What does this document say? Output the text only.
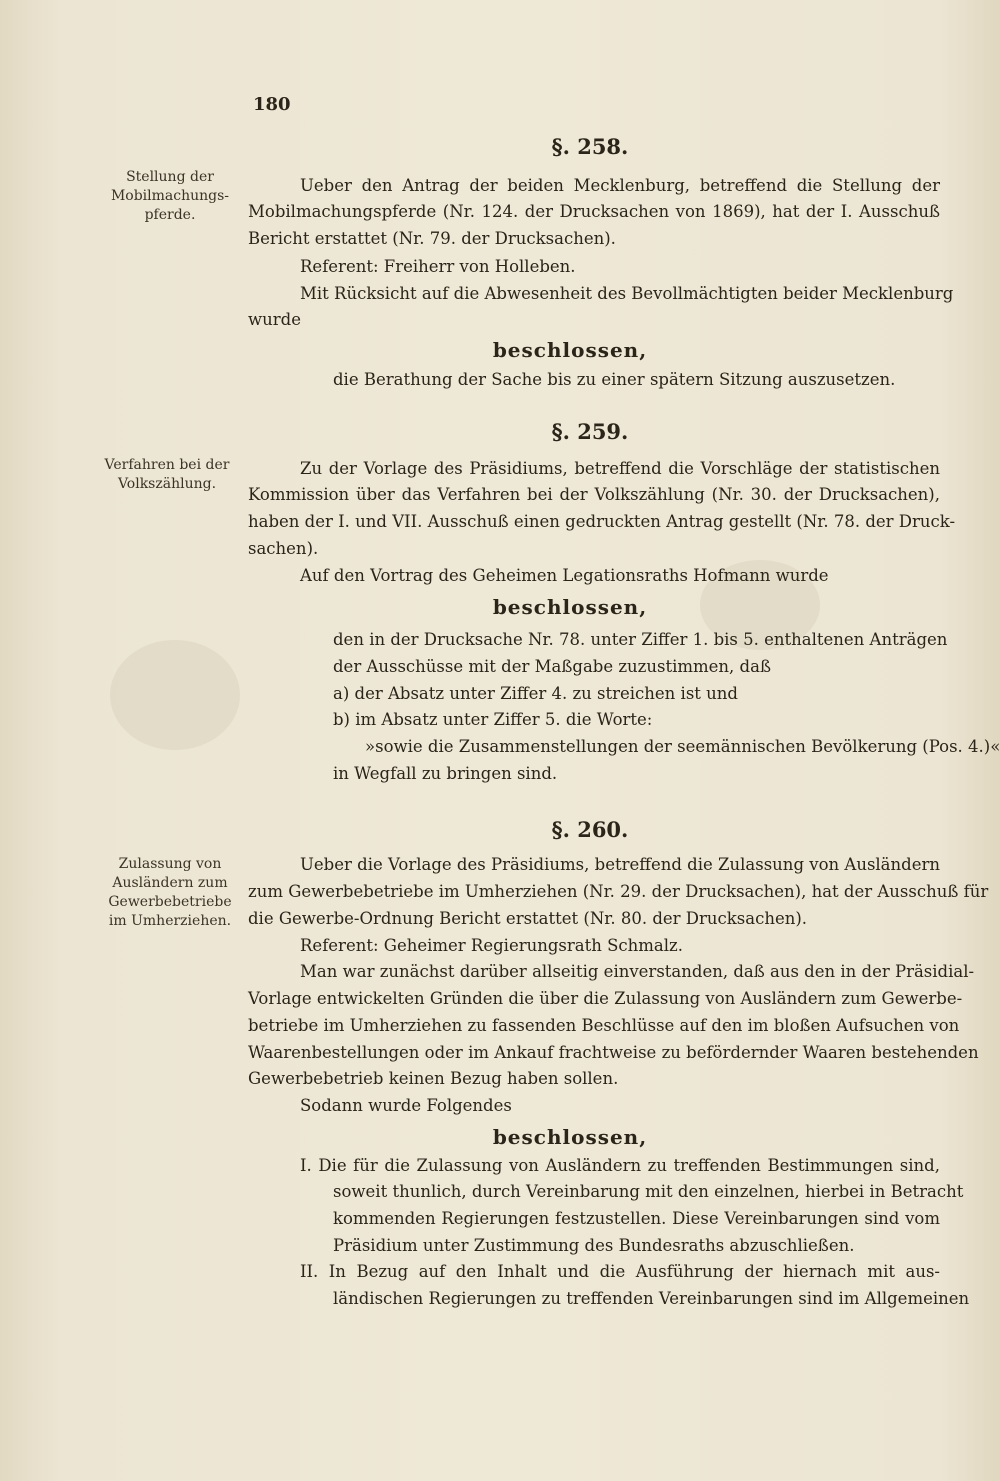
180
Stellung der
Mobilmachungs-
pferde.
Verfahren bei der
Volkszählung.
Zulassung von
Ausländern zum
Gewerbebetriebe
im Umherziehen.
§. 258.
Ueber den Antrag der beiden Mecklenburg, betreffend die Stellung der
Mobilmachungspferde (Nr. 124. der Drucksachen von 1869), hat der I. Ausschuß
Bericht erstattet (Nr. 79. der Drucksachen).
Referent: Freiherr von Holleben.
Mit Rücksicht auf die Abwesenheit des Bevollmächtigten beider Mecklenburg
wurde
beschlossen,
die Berathung der Sache bis zu einer spätern Sitzung auszusetzen.
§. 259.
Zu der Vorlage des Präsidiums, betreffend die Vorschläge der statistischen
Kommission über das Verfahren bei der Volkszählung (Nr. 30. der Drucksachen),
haben der I. und VII. Ausschuß einen gedruckten Antrag gestellt (Nr. 78. der Druck-
sachen).
Auf den Vortrag des Geheimen Legationsraths Hofmann wurde
beschlossen,
den in der Drucksache Nr. 78. unter Ziffer 1. bis 5. enthaltenen Anträgen
der Ausschüsse mit der Maßgabe zuzustimmen, daß
a) der Absatz unter Ziffer 4. zu streichen ist und
b) im Absatz unter Ziffer 5. die Worte:
»sowie die Zusammenstellungen der seemännischen Bevölkerung (Pos. 4.)«
in Wegfall zu bringen sind.
§. 260.
Ueber die Vorlage des Präsidiums, betreffend die Zulassung von Ausländern
zum Gewerbebetriebe im Umherziehen (Nr. 29. der Drucksachen), hat der Ausschuß für
die Gewerbe-Ordnung Bericht erstattet (Nr. 80. der Drucksachen).
Referent: Geheimer Regierungsrath Schmalz.
Man war zunächst darüber allseitig einverstanden, daß aus den in der Präsidial-
Vorlage entwickelten Gründen die über die Zulassung von Ausländern zum Gewerbe-
betriebe im Umherziehen zu fassenden Beschlüsse auf den im bloßen Aufsuchen von
Waarenbestellungen oder im Ankauf frachtweise zu befördernder Waaren bestehenden
Gewerbebetrieb keinen Bezug haben sollen.
Sodann wurde Folgendes
beschlossen,
I. Die für die Zulassung von Ausländern zu treffenden Bestimmungen sind,
soweit thunlich, durch Vereinbarung mit den einzelnen, hierbei in Betracht
kommenden Regierungen festzustellen. Diese Vereinbarungen sind vom
Präsidium unter Zustimmung des Bundesraths abzuschließen.
II. In Bezug auf den Inhalt und die Ausführung der hiernach mit aus-
ländischen Regierungen zu treffenden Vereinbarungen sind im Allgemeinen
